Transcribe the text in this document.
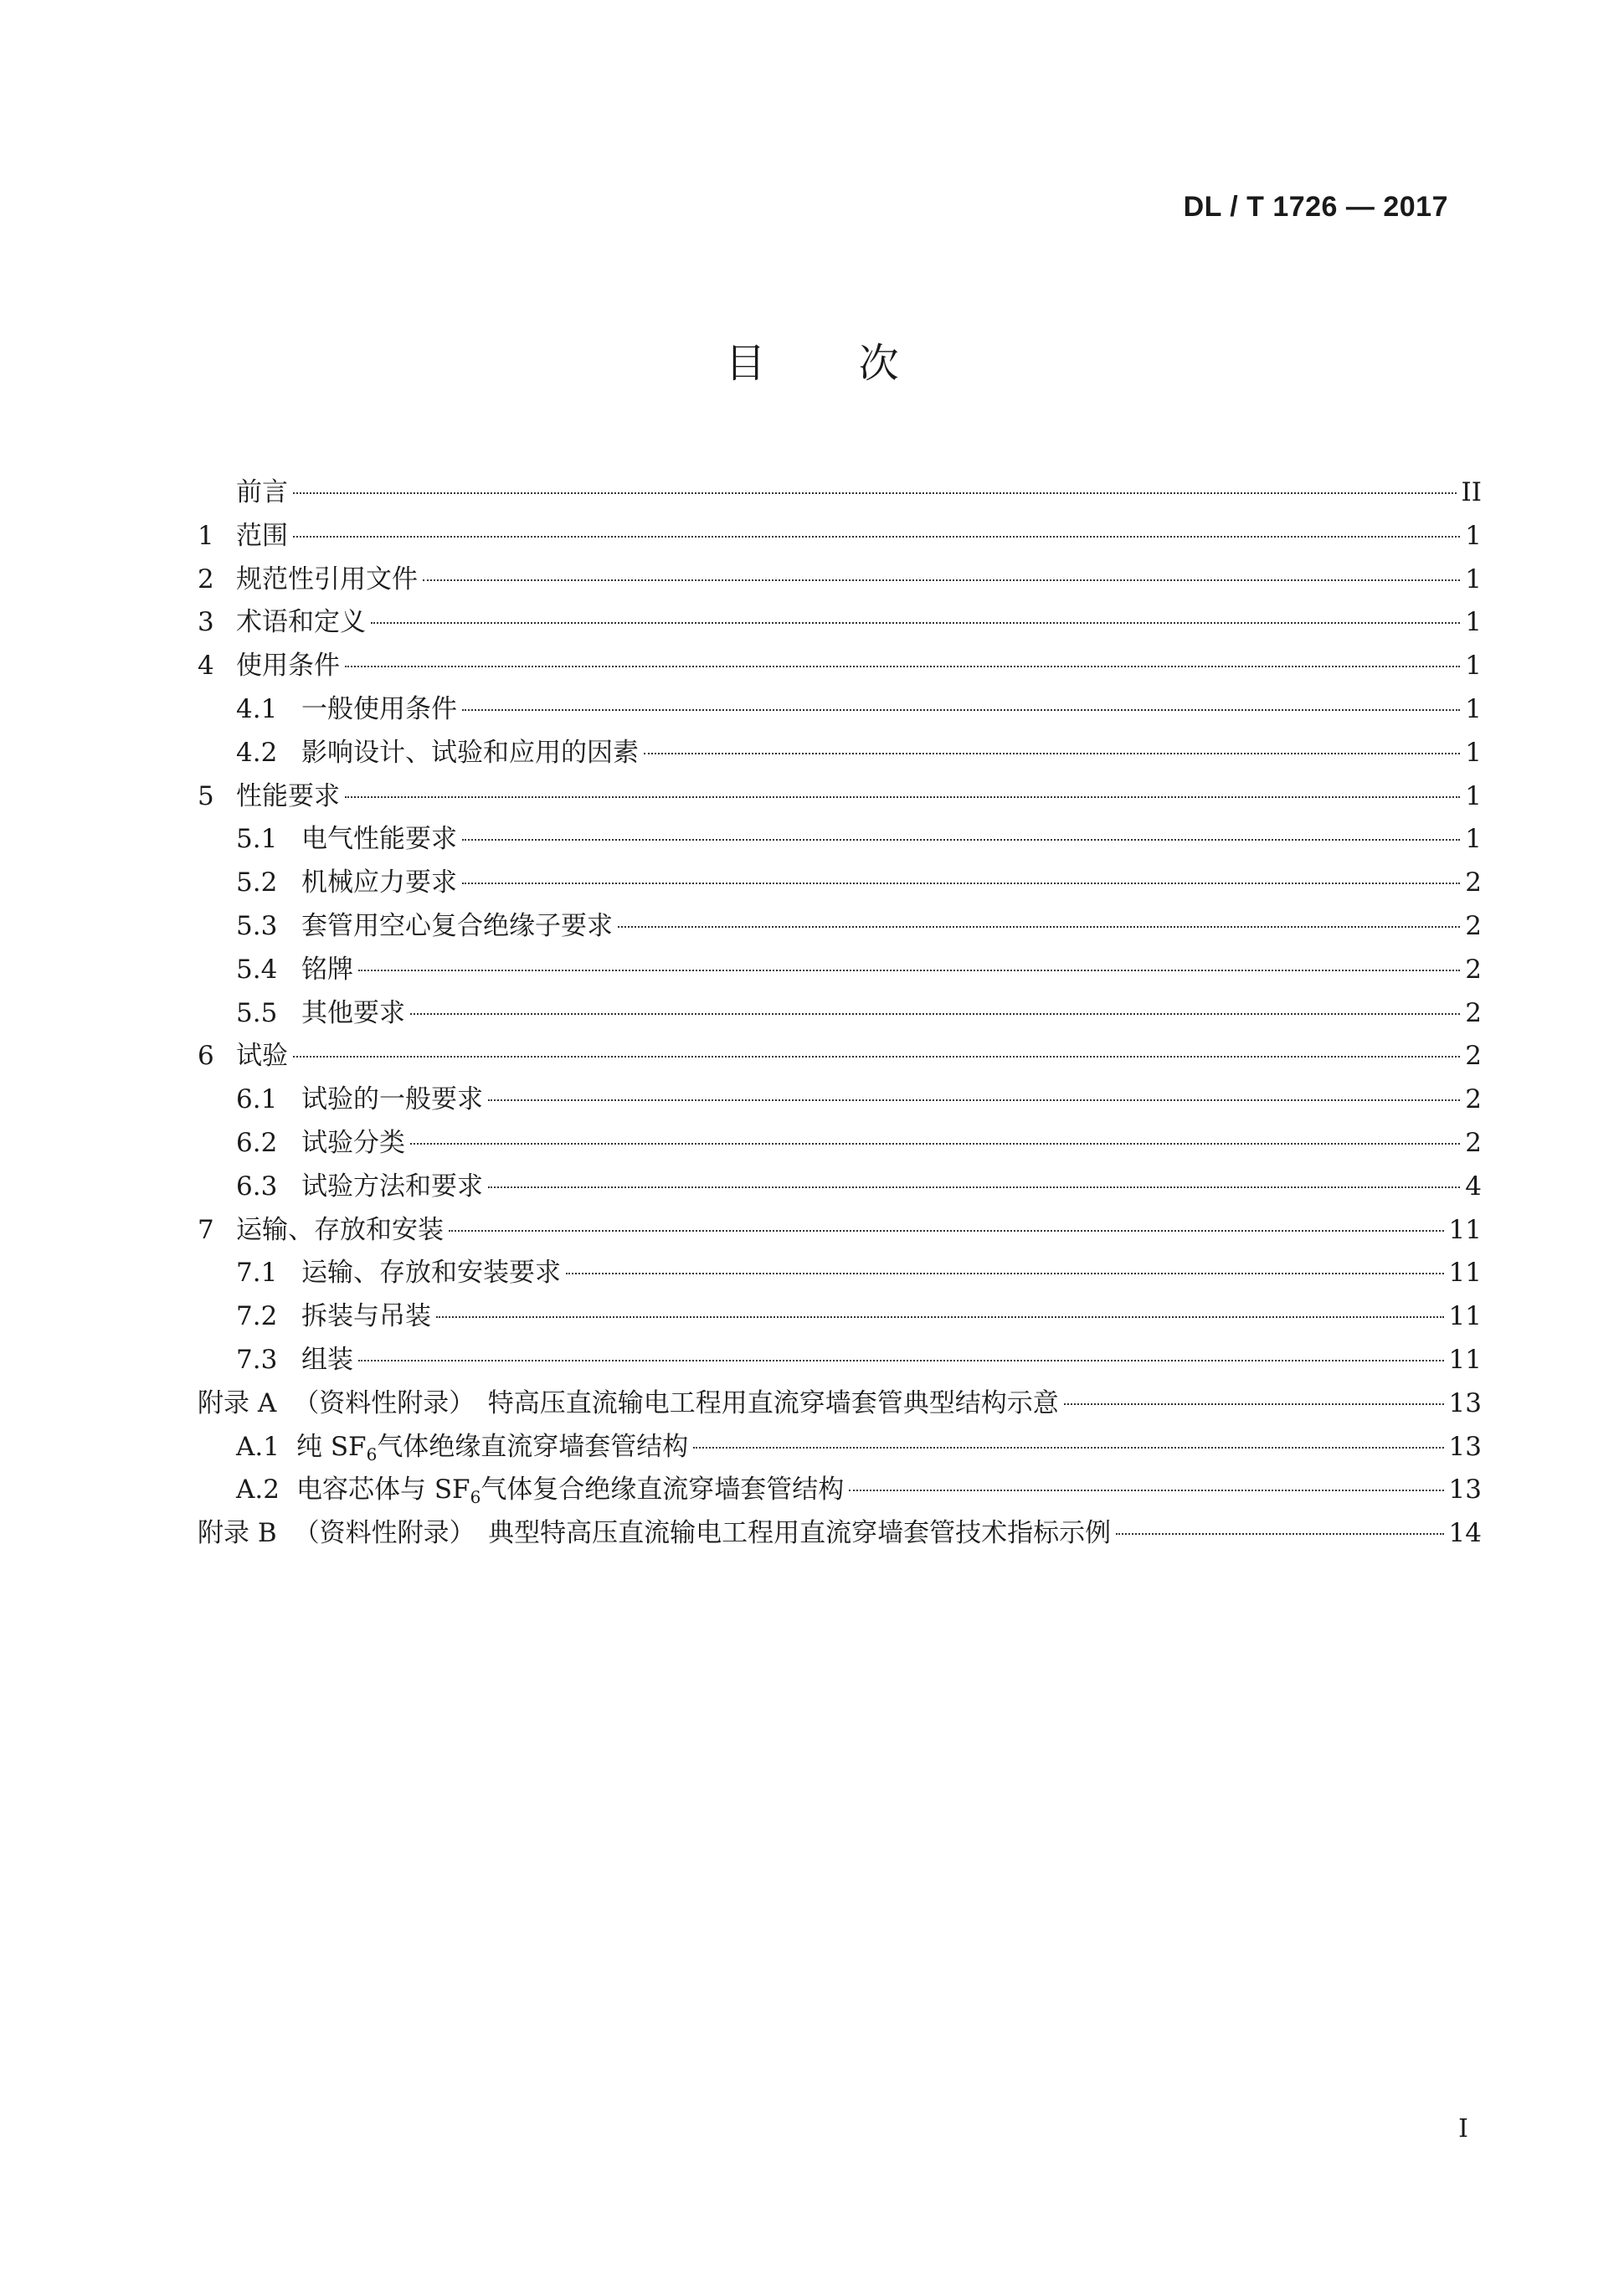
DL / T 1726 — 2017
目 次
前言	II
1 范围	1
2 规范性引用文件	1
3 术语和定义	1
4 使用条件	1
4.1 一般使用条件	1
4.2 影响设计、试验和应用的因素	1
5 性能要求	1
5.1 电气性能要求	1
5.2 机械应力要求	2
5.3 套管用空心复合绝缘子要求	2
5.4 铭牌	2
5.5 其他要求	2
6 试验	2
6.1 试验的一般要求	2
6.2 试验分类	2
6.3 试验方法和要求	4
7 运输、存放和安装	11
7.1 运输、存放和安装要求	11
7.2 拆装与吊装	11
7.3 组装	11
附录 A （资料性附录）　特高压直流输电工程用直流穿墙套管典型结构示意	13
A.1 纯 $SF_6$气体绝缘直流穿墙套管结构	13
A.2 电容芯体与 $SF_6$气体复合绝缘直流穿墙套管结构	13
附录 B （资料性附录）　典型特高压直流输电工程用直流穿墙套管技术指标示例	14
I
